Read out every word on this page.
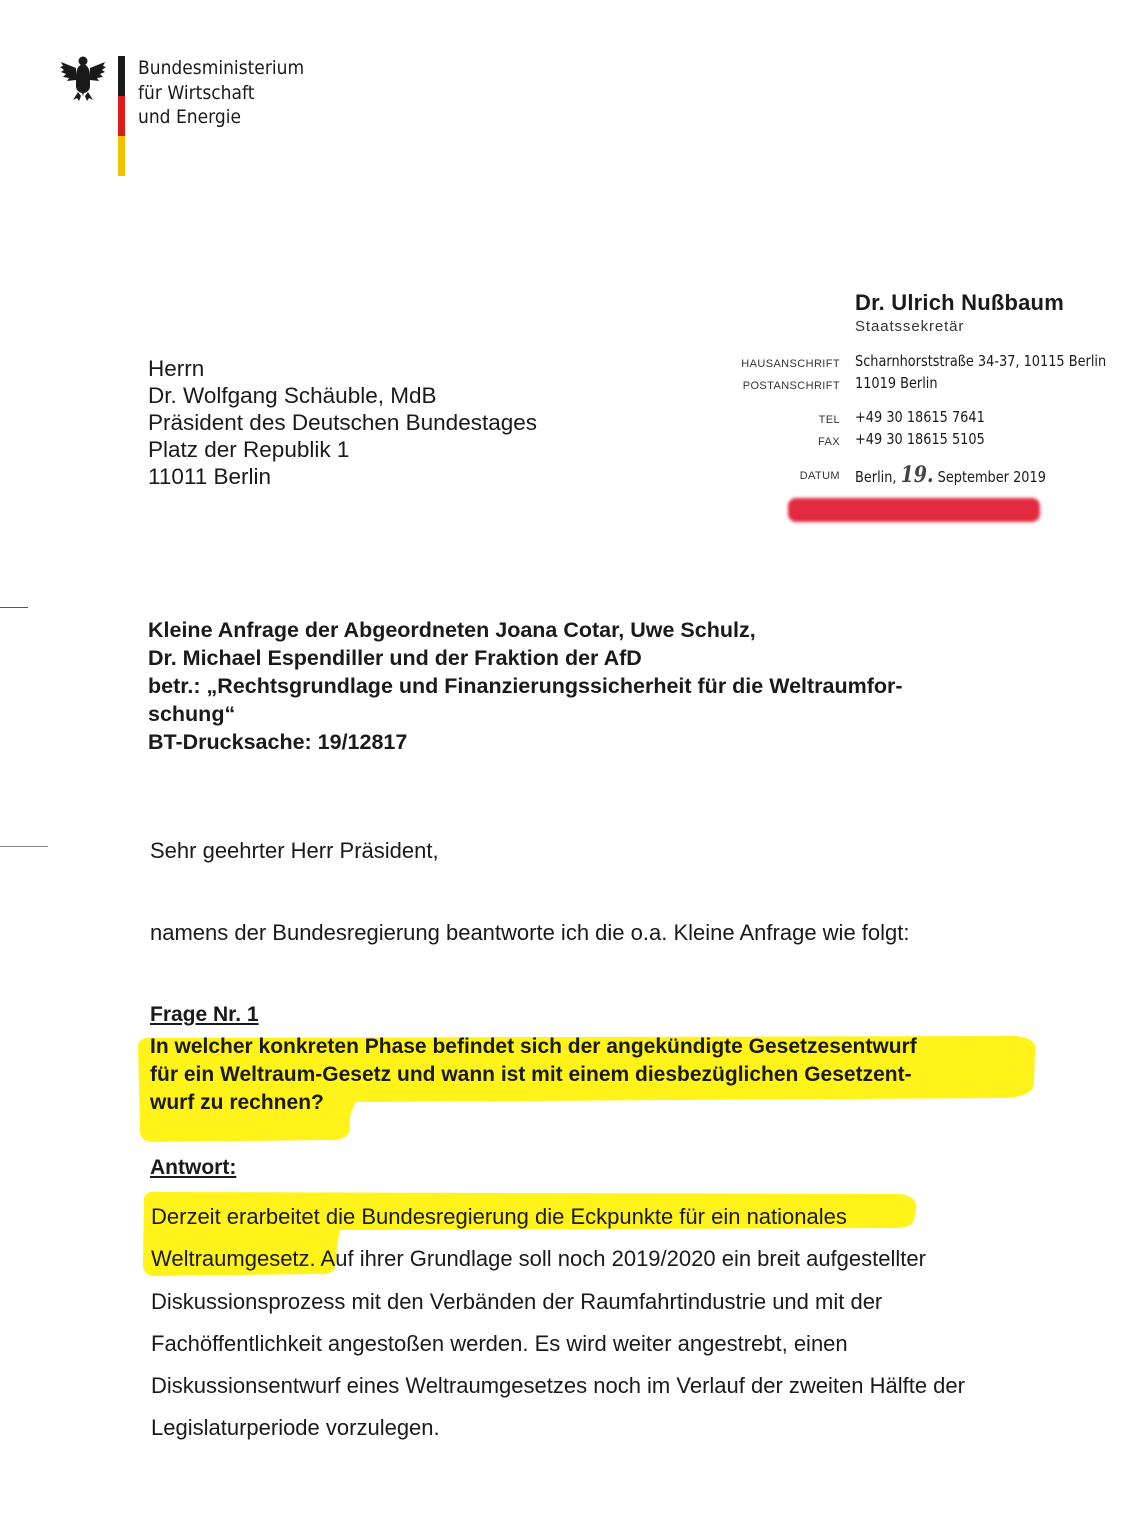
Bundesministerium
für Wirtschaft
und Energie
Dr. Ulrich Nußbaum
Staatssekretär
HAUSANSCHRIFT Scharnhorststraße 34-37, 10115 Berlin
POSTANSCHRIFT 11019 Berlin
TEL +49 30 18615 7641
FAX +49 30 18615 5105
DATUM Berlin, 19. September 2019
Herrn
Dr. Wolfgang Schäuble, MdB
Präsident des Deutschen Bundestages
Platz der Republik 1
11011 Berlin
Kleine Anfrage der Abgeordneten Joana Cotar, Uwe Schulz,
Dr. Michael Espendiller und der Fraktion der AfD
betr.: „Rechtsgrundlage und Finanzierungssicherheit für die Weltraumfor-
schung“
BT-Drucksache: 19/12817
Sehr geehrter Herr Präsident,
namens der Bundesregierung beantworte ich die o.a. Kleine Anfrage wie folgt:
Frage Nr. 1
In welcher konkreten Phase befindet sich der angekündigte Gesetzesentwurf
für ein Weltraum-Gesetz und wann ist mit einem diesbezüglichen Gesetzent-
wurf zu rechnen?
Antwort:
Derzeit erarbeitet die Bundesregierung die Eckpunkte für ein nationales
Weltraumgesetz. Auf ihrer Grundlage soll noch 2019/2020 ein breit aufgestellter
Diskussionsprozess mit den Verbänden der Raumfahrtindustrie und mit der
Fachöffentlichkeit angestoßen werden. Es wird weiter angestrebt, einen
Diskussionsentwurf eines Weltraumgesetzes noch im Verlauf der zweiten Hälfte der
Legislaturperiode vorzulegen.
